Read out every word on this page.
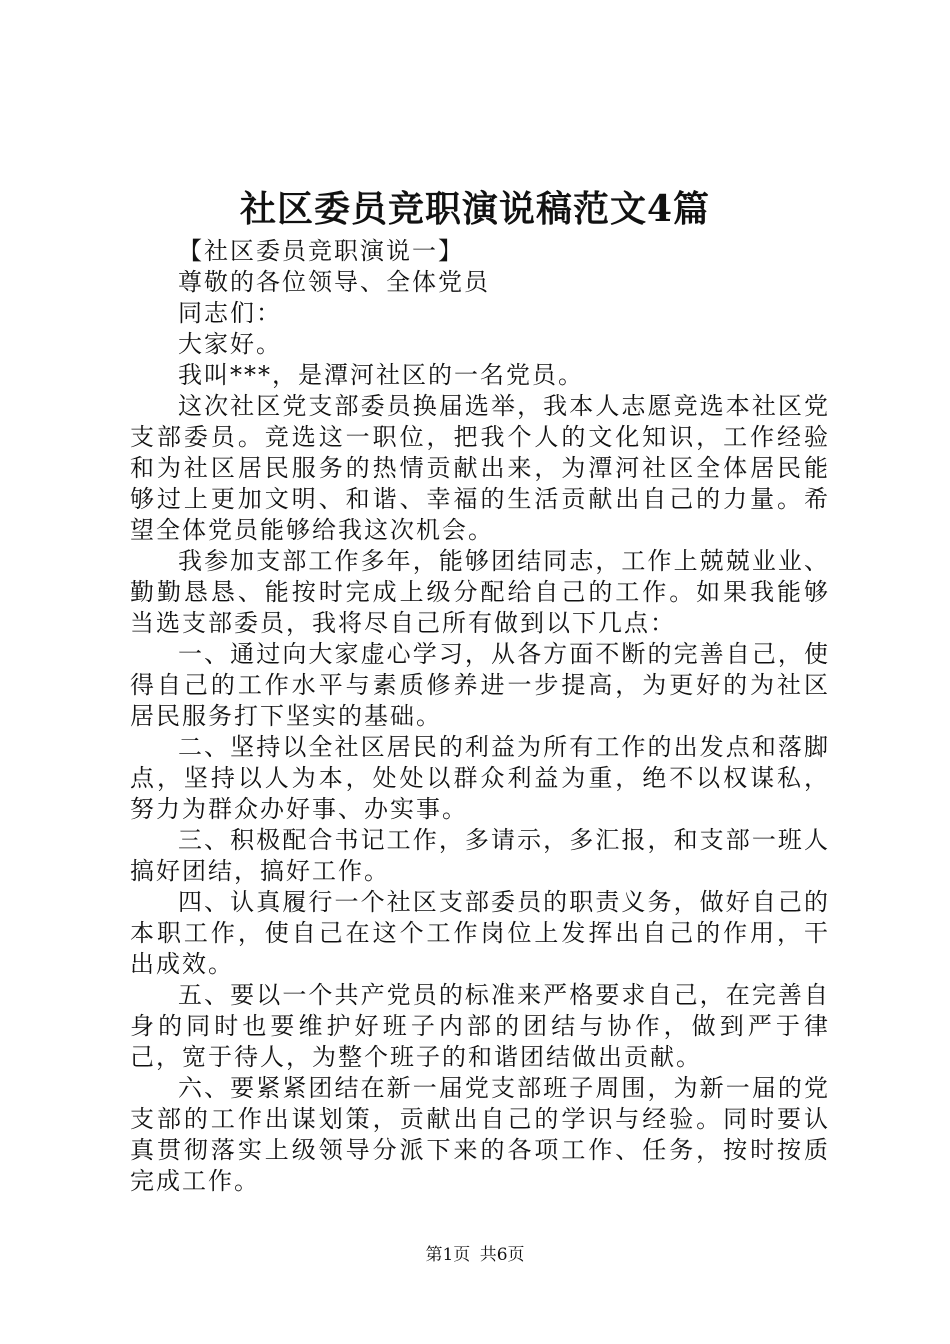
社区委员竞职演说稿范文4篇

【社区委员竞职演说一】

尊敬的各位领导、全体党员

同志们：

大家好。

我叫***，是潭河社区的一名党员。

这次社区党支部委员换届选举，我本人志愿竞选本社区党支部委员。竞选这一职位，把我个人的文化知识，工作经验和为社区居民服务的热情贡献出来，为潭河社区全体居民能够过上更加文明、和谐、幸福的生活贡献出自己的力量。希望全体党员能够给我这次机会。

我参加支部工作多年，能够团结同志，工作上兢兢业业、勤勤恳恳、能按时完成上级分配给自己的工作。如果我能够当选支部委员，我将尽自己所有做到以下几点：

一、通过向大家虚心学习，从各方面不断的完善自己，使得自己的工作水平与素质修养进一步提高，为更好的为社区居民服务打下坚实的基础。

二、坚持以全社区居民的利益为所有工作的出发点和落脚点，坚持以人为本，处处以群众利益为重，绝不以权谋私，努力为群众办好事、办实事。

三、积极配合书记工作，多请示，多汇报，和支部一班人搞好团结，搞好工作。

四、认真履行一个社区支部委员的职责义务，做好自己的本职工作，使自己在这个工作岗位上发挥出自己的作用，干出成效。

五、要以一个共产党员的标准来严格要求自己，在完善自身的同时也要维护好班子内部的团结与协作，做到严于律己，宽于待人，为整个班子的和谐团结做出贡献。

六、要紧紧团结在新一届党支部班子周围，为新一届的党支部的工作出谋划策，贡献出自己的学识与经验。同时要认真贯彻落实上级领导分派下来的各项工作、任务，按时按质完成工作。

第1页 共6页
